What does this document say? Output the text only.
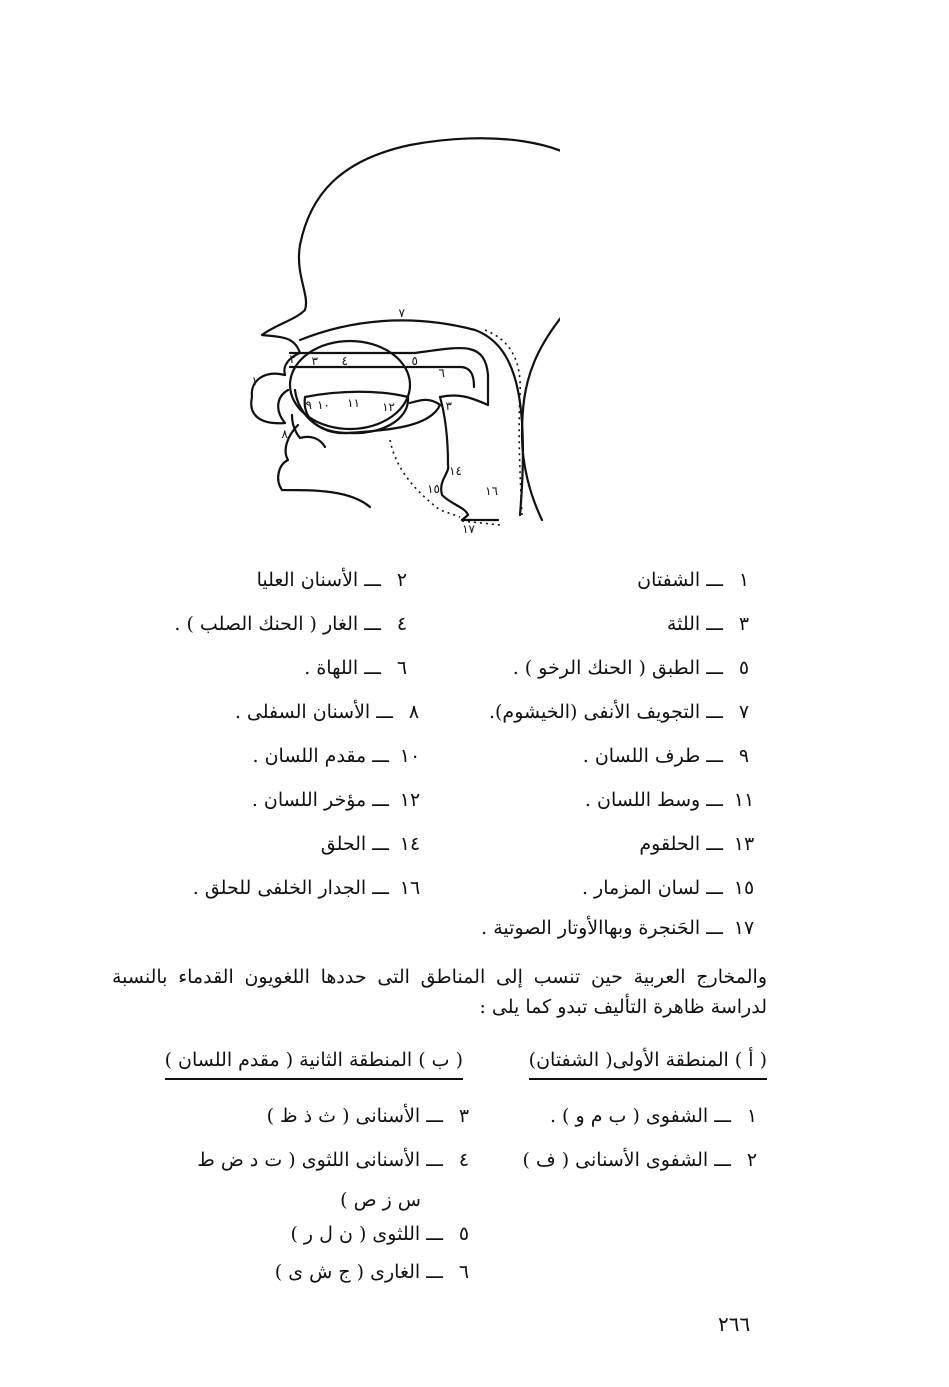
١
٢ ٣ ٤	٥
٦
٧
٨
٩ ١٠ ١١ ١٢	١٣
١٤
١٥	١٦
١٧
١ ـــ الشفتان
٢ ـــ الأسنان العليا
٣ ـــ اللثة
٤ ـــ الغار ( الحنك الصلب ) .
٥ ـــ الطبق ( الحنك الرخو ) .
٦ ـــ اللهاة .
٧ ـــ التجويف الأنفى (الخيشوم).
٨ ـــ الأسنان السفلى .
٩ ـــ طرف اللسان .
١٠ ـــ مقدم اللسان .
١١ ـــ وسط اللسان .
١٢ ـــ مؤخر اللسان .
١٣ ـــ الحلقوم
١٤ ـــ الحلق
١٥ ـــ لسان المزمار .
١٦ ـــ الجدار الخلفى للحلق .
١٧ ـــ الحَنجرة وبهاالأوتار الصوتية .
والمخارج العربية حين تنسب إلى المناطق التى حددها اللغويون القدماء بالنسبة لدراسة ظاهرة التأليف تبدو كما يلى :
( أ ) المنطقة الأولى( الشفتان)
( ب ) المنطقة الثانية ( مقدم اللسان )
١ ـــ الشفوى ( ب م و ) .
٢ ـــ الشفوى الأسنانى ( ف )
٣ ـــ الأسنانى ( ث ذ ظ )
٤ ـــ الأسنانى اللثوى ( ت د ض ط
س ز ص )
٥ ـــ اللثوى ( ن ل ر )
٦ ـــ الغارى ( ج ش ى )
٢٦٦
